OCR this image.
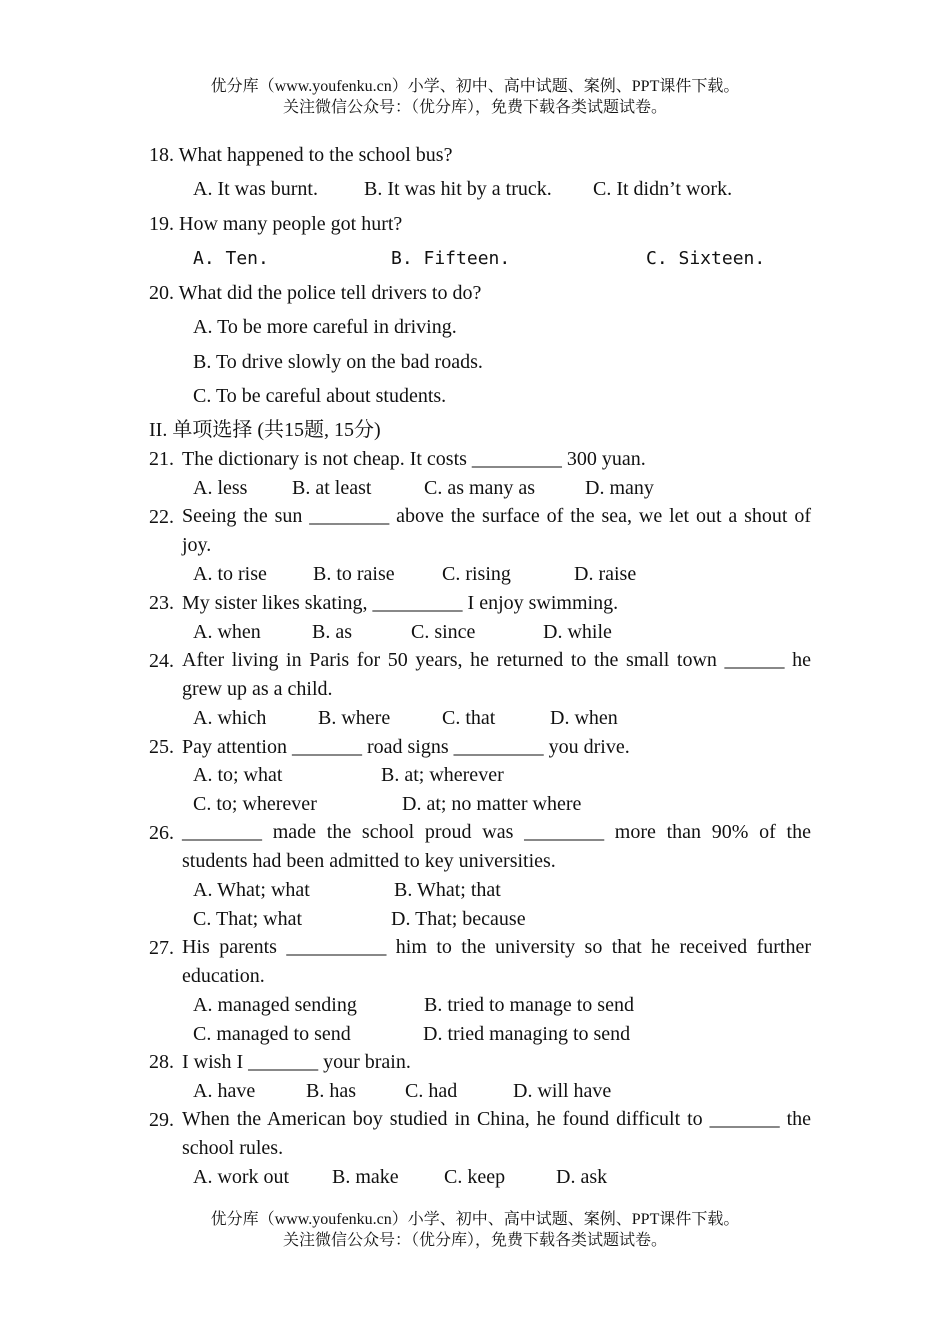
优分库（www.youfenku.cn）小学、初中、高中试题、案例、PPT课件下载。
关注微信公众号：（优分库），免费下载各类试题试卷。
18. What happened to the school bus?
A. It was burnt. B. It was hit by a truck. C. It didn’t work.
19. How many people got hurt?
A. Ten.	B. Fifteen.	C. Sixteen.
20. What did the police tell drivers to do?
A. To be more careful in driving.
B. To drive slowly on the bad roads.
C. To be careful about students.
II. 单项选择 (共15题, 15分)
21. The dictionary is not cheap. It costs _________ 300 yuan.
A. less B. at least	C. as many as D. many
22. Seeing the sun ________ above the surface of the sea, we let out a shout of joy.
A. to rise B. to raise C. rising	D. raise
23. My sister likes skating, _________ I enjoy swimming.
A. when	B. as	C. since	D. while
24. After living in Paris for 50 years, he returned to the small town ______ he grew up as a child.
A. which	B. where	C. that	D. when
25. Pay attention _______ road signs _________ you drive.
A. to; what	B. at; wherever
C. to; wherever	D. at; no matter where
26. ________ made the school proud was ________ more than 90% of the students had been admitted to key universities.
A. What; what	B. What; that
C. That; what	D. That; because
27. His parents __________ him to the university so that he received further education.
A. managed sending	B. tried to manage to send
C. managed to send	D. tried managing to send
28. I wish I _______ your brain.
A. have	B. has C. had	D. will have
29. When the American boy studied in China, he found difficult to _______ the school rules.
A. work out B. make C. keep	D. ask
优分库（www.youfenku.cn）小学、初中、高中试题、案例、PPT课件下载。
关注微信公众号：（优分库），免费下载各类试题试卷。
